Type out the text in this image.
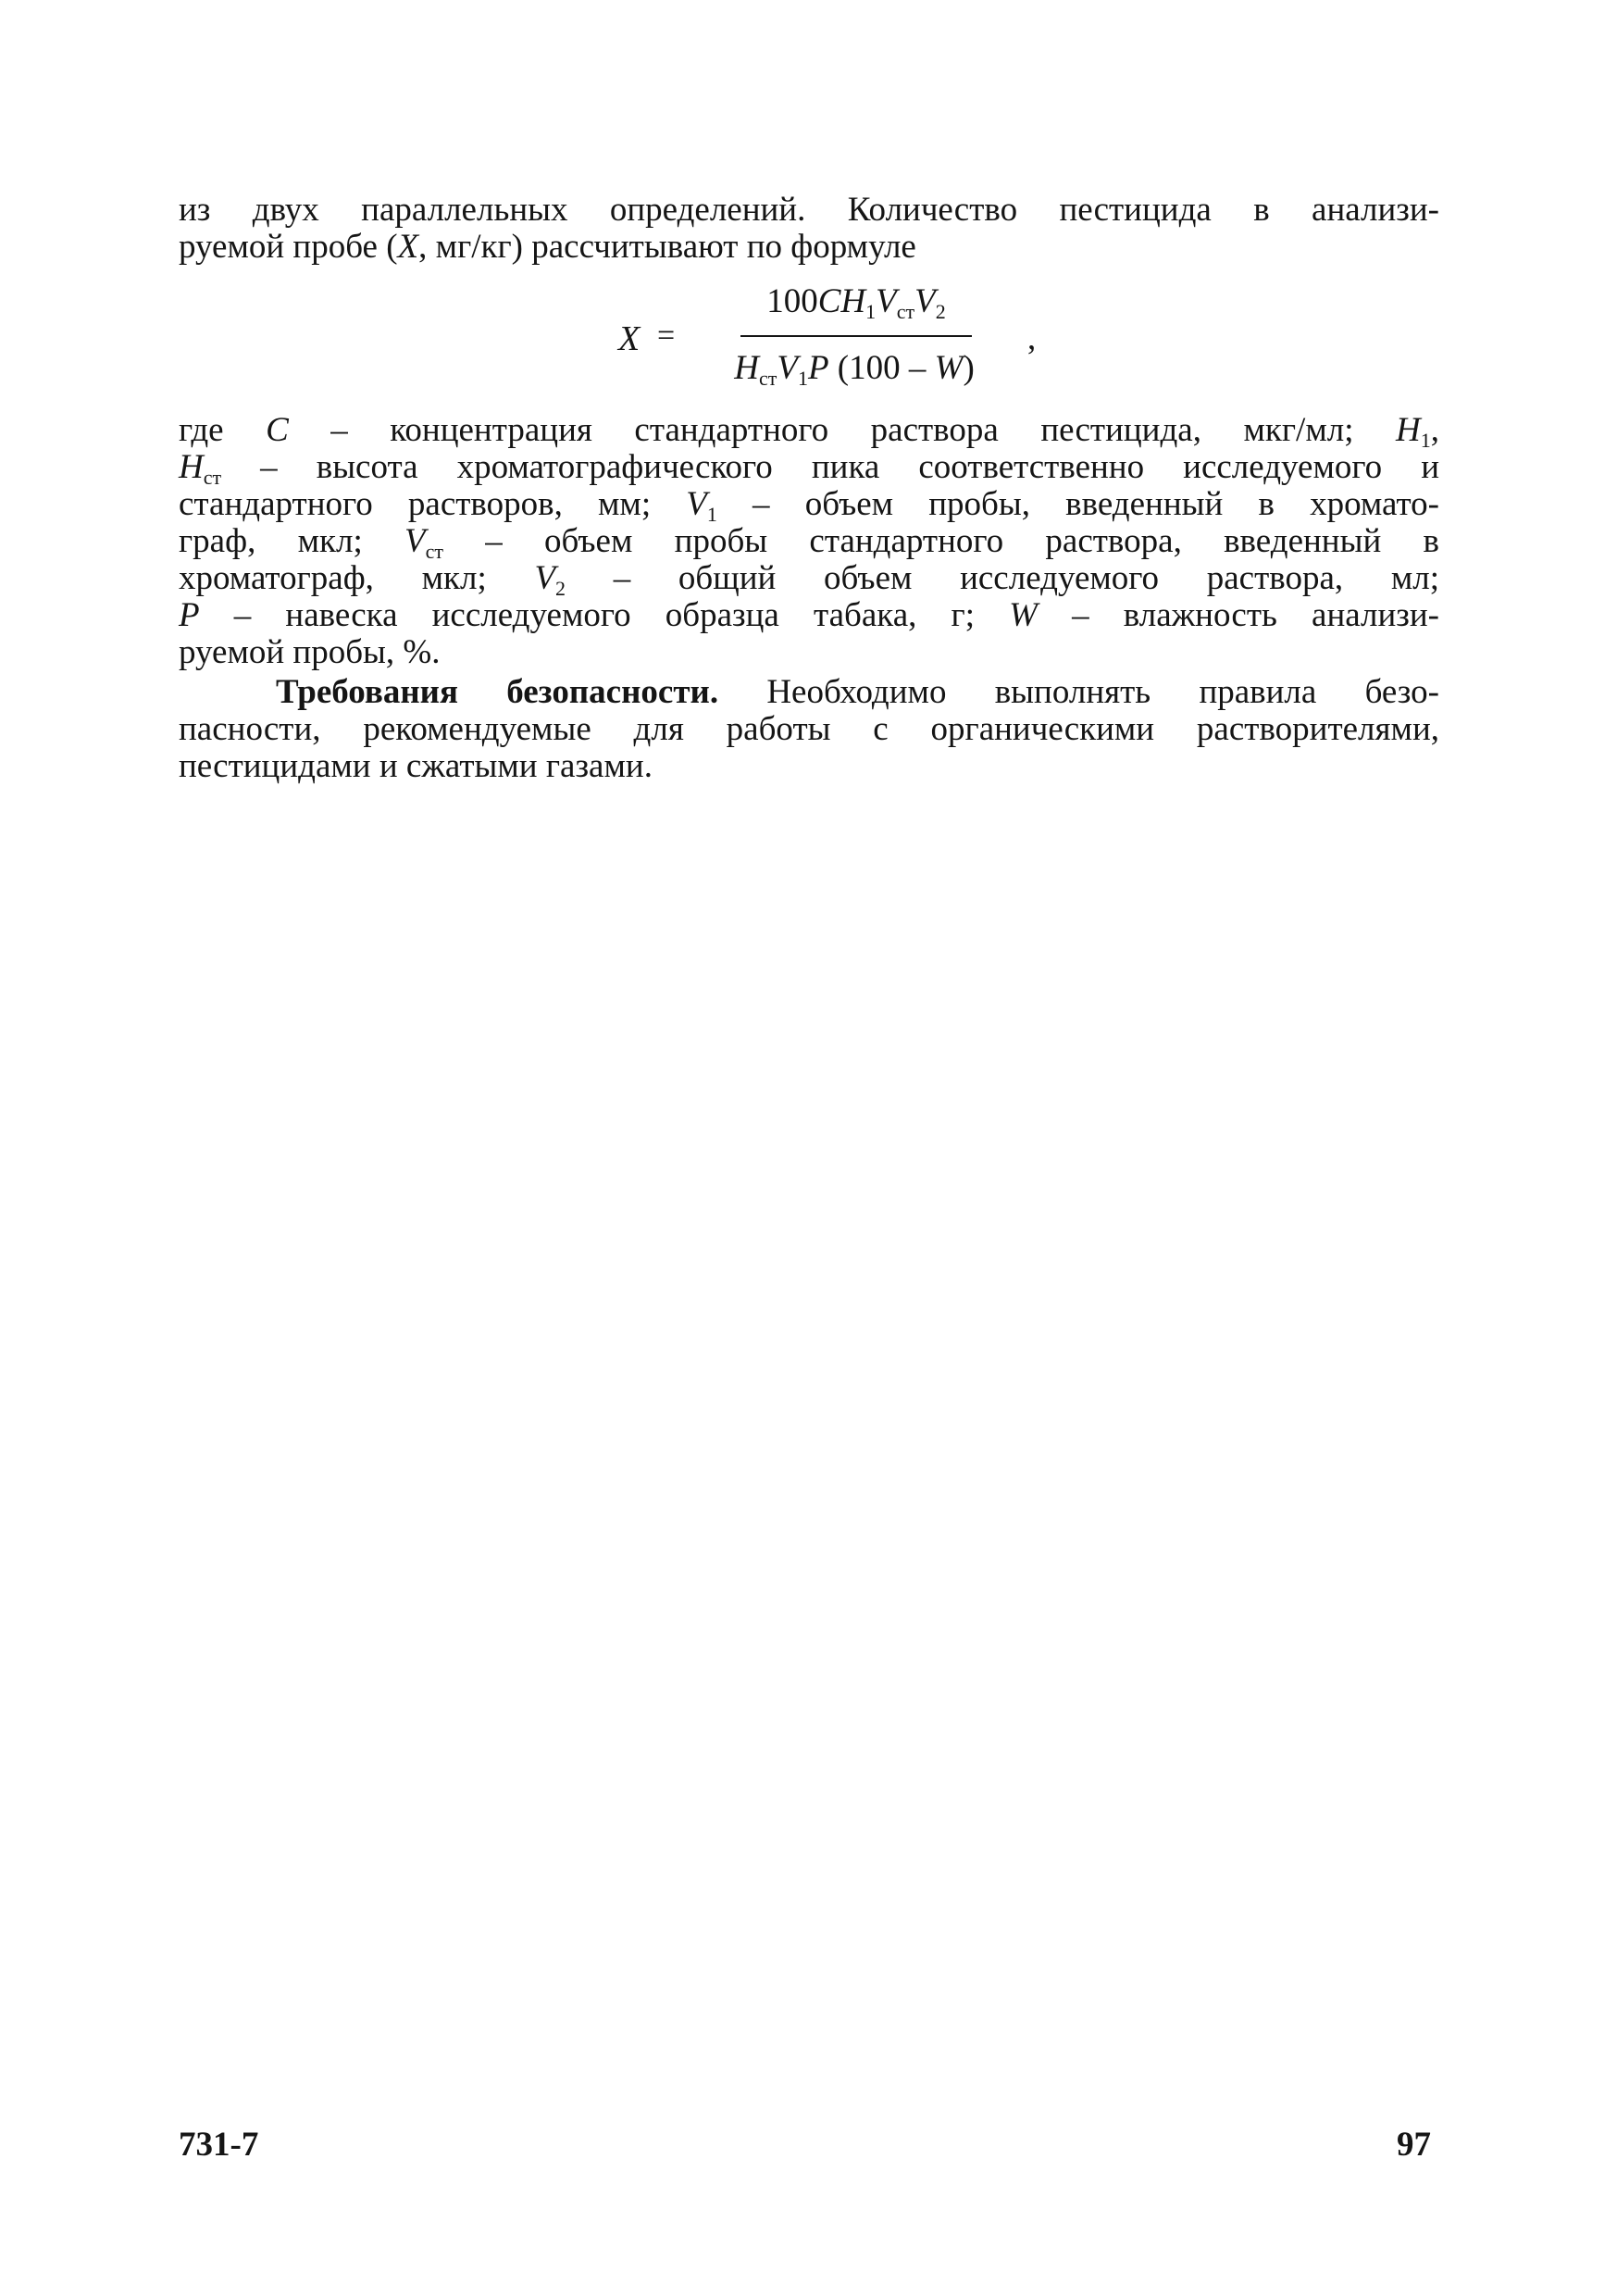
из двух параллельных определений. Количество пестицида в анализи-
руемой пробе (X, мг/кг) рассчитывают по формуле
X =
$100CH_1V_{ст}V_2$
$H_{ст}V_1P$ (100 – W)
,
где C – концентрация стандартного раствора пестицида, мкг/мл; $H_1$,
$H_{ст}$ – высота хроматографического пика соответственно исследуемого и
стандартного растворов, мм; $V_1$ – объем пробы, введенный в хромато-
граф, мкл; $V_{ст}$ – объем пробы стандартного раствора, введенный в
хроматограф, мкл; $V_2$ – общий объем исследуемого раствора, мл;
P – навеска исследуемого образца табака, г; W – влажность анализи-
руемой пробы, %.
Требования безопасности. Необходимо выполнять правила безо-
пасности, рекомендуемые для работы с органическими растворителями,
пестицидами и сжатыми газами.
731-7	97
